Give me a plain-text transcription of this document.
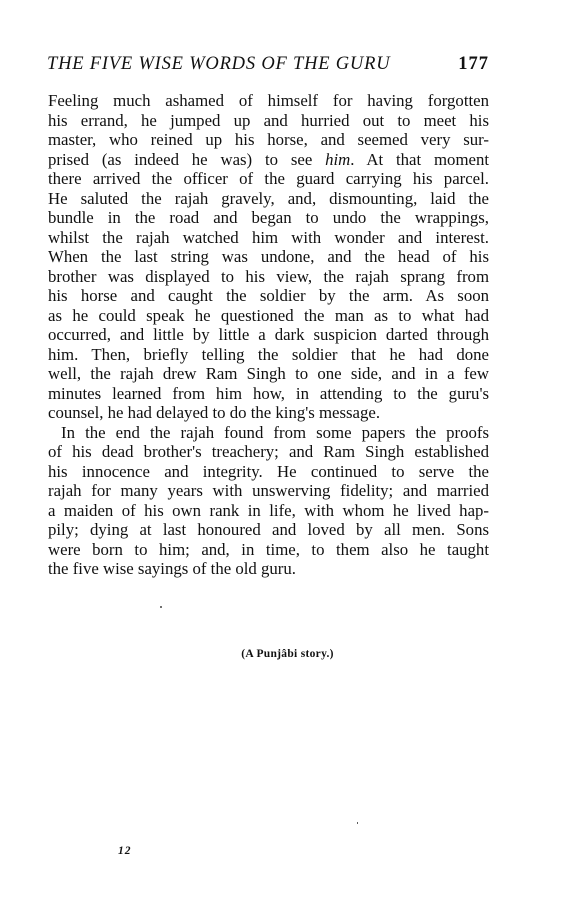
THE FIVE WISE WORDS OF THE GURU	177
Feeling much ashamed of himself for having forgotten
his errand, he jumped up and hurried out to meet his
master, who reined up his horse, and seemed very sur-
prised (as indeed he was) to see him. At that moment
there arrived the officer of the guard carrying his parcel.
He saluted the rajah gravely, and, dismounting, laid the
bundle in the road and began to undo the wrappings,
whilst the rajah watched him with wonder and interest.
When the last string was undone, and the head of his
brother was displayed to his view, the rajah sprang from
his horse and caught the soldier by the arm. As soon
as he could speak he questioned the man as to what had
occurred, and little by little a dark suspicion darted through
him. Then, briefly telling the soldier that he had done
well, the rajah drew Ram Singh to one side, and in a few
minutes learned from him how, in attending to the guru's
counsel, he had delayed to do the king's message.
In the end the rajah found from some papers the proofs
of his dead brother's treachery; and Ram Singh established
his innocence and integrity. He continued to serve the
rajah for many years with unswerving fidelity; and married
a maiden of his own rank in life, with whom he lived hap-
pily; dying at last honoured and loved by all men. Sons
were born to him; and, in time, to them also he taught
the five wise sayings of the old guru.
(A Punjâbi story.)
12
